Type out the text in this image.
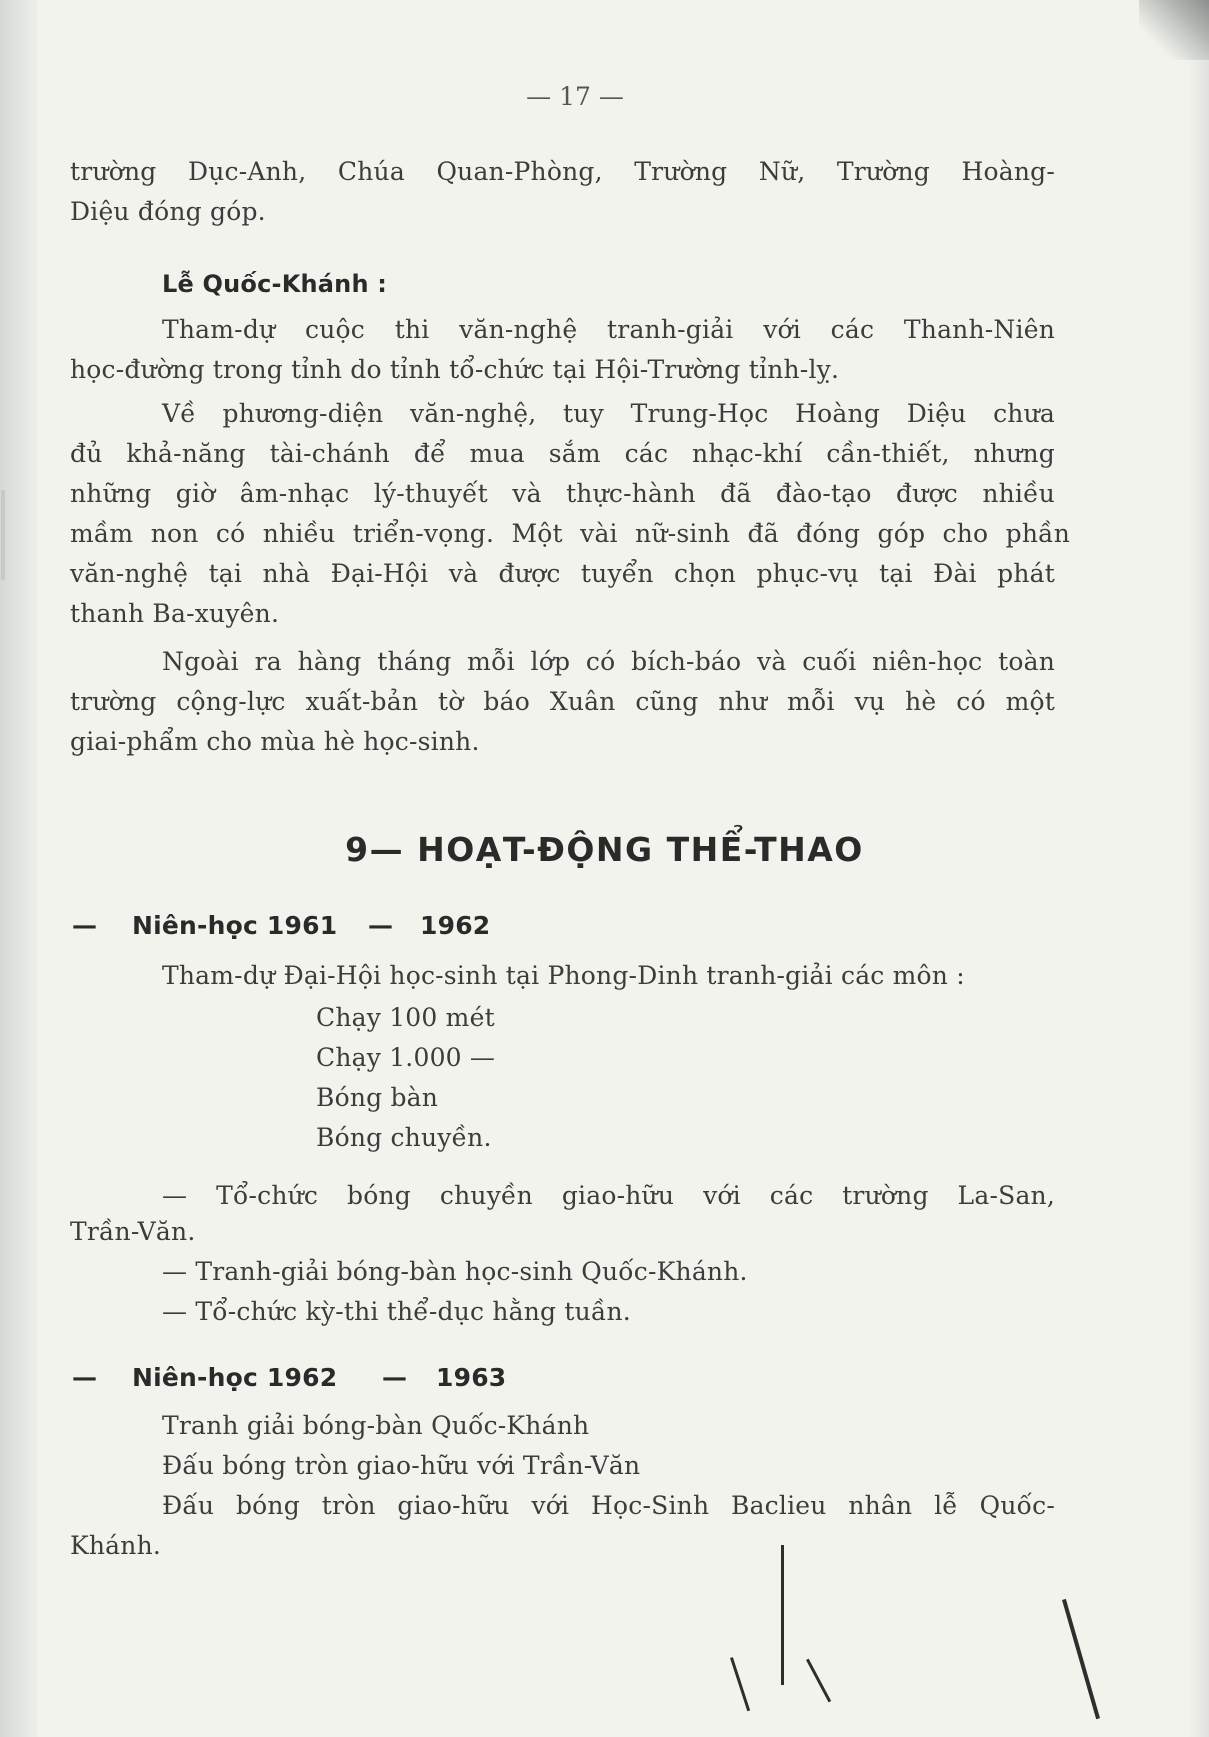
— 17 —
trường Dục-Anh, Chúa Quan-Phòng, Trường Nữ, Trường Hoàng-
Diệu đóng góp.
Lễ Quốc-Khánh :
Tham-dự cuộc thi văn-nghệ tranh-giải với các Thanh-Niên
học-đường trong tỉnh do tỉnh tổ-chức tại Hội-Trường tỉnh-lỵ.
Về phương-diện văn-nghệ, tuy Trung-Học Hoàng Diệu chưa
đủ khả-năng tài-chánh để mua sắm các nhạc-khí cần-thiết, nhưng
những giờ âm-nhạc lý-thuyết và thực-hành đã đào-tạo được nhiều
mầm non có nhiều triển-vọng. Một vài nữ-sinh đã đóng góp cho phần
văn-nghệ tại nhà Đại-Hội và được tuyển chọn phục-vụ tại Đài phát
thanh Ba-xuyên.
Ngoài ra hàng tháng mỗi lớp có bích-báo và cuối niên-học toàn
trường cộng-lực xuất-bản tờ báo Xuân cũng như mỗi vụ hè có một
giai-phẩm cho mùa hè học-sinh.
9— HOẠT-ĐỘNG THỂ-THAO
— Niên-học 1961 — 1962
Tham-dự Đại-Hội học-sinh tại Phong-Dinh tranh-giải các môn :
Chạy 100 mét
Chạy 1.000 —
Bóng bàn
Bóng chuyền.
— Tổ-chức bóng chuyền giao-hữu với các trường La-San,
Trần-Văn.
— Tranh-giải bóng-bàn học-sinh Quốc-Khánh.
— Tổ-chức kỳ-thi thể-dục hằng tuần.
— Niên-học 1962 — 1963
Tranh giải bóng-bàn Quốc-Khánh
Đấu bóng tròn giao-hữu với Trần-Văn
Đấu bóng tròn giao-hữu với Học-Sinh Baclieu nhân lễ Quốc-
Khánh.
